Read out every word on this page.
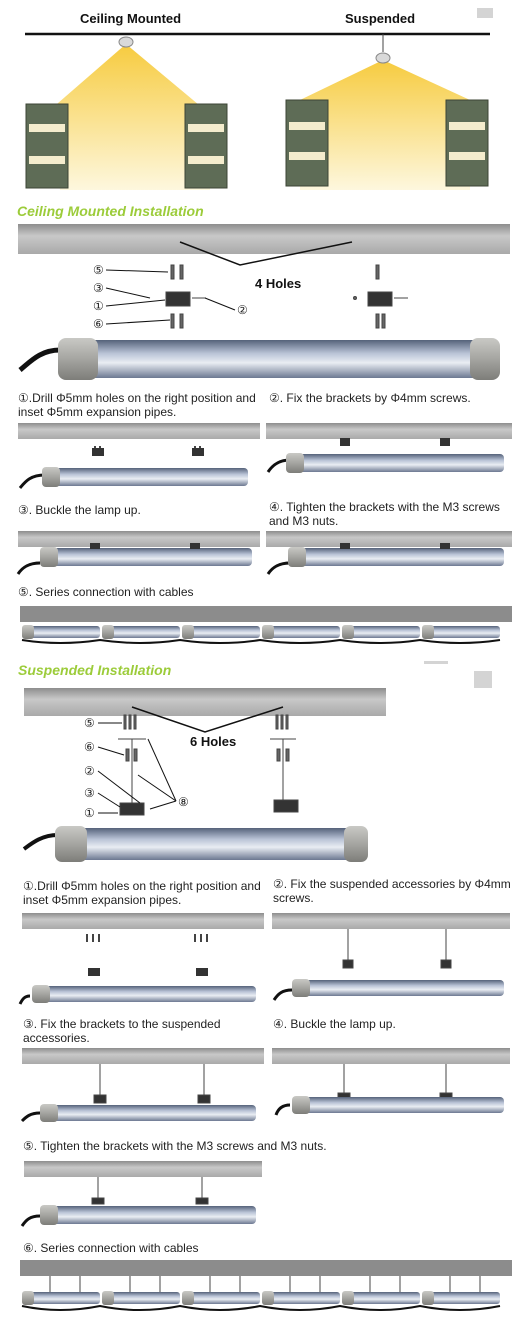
Ceiling Mounted	Suspended
Ceiling Mounted Installation
4 Holes
⑤
③
①
⑥
②
①.Drill Φ5mm holes on the right position and inset Φ5mm expansion pipes.
②. Fix the brackets by Φ4mm screws.
③. Buckle the lamp up.	④. Tighten the brackets with the M3 screws and M3 nuts.
⑤. Series connection with cables
Suspended Installation
6 Holes
⑤
⑥
②
③
①
⑧
①.Drill Φ5mm holes on the right position and inset Φ5mm expansion pipes.
②. Fix the suspended accessories by Φ4mm screws.
③. Fix the brackets to the suspended accessories.
④. Buckle the lamp up.
⑤. Tighten the brackets with the M3 screws and M3 nuts.
⑥. Series connection with cables
